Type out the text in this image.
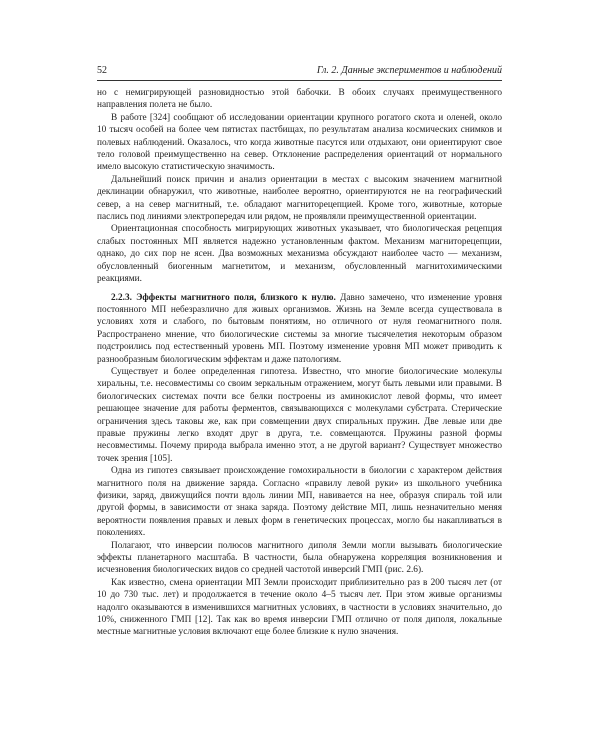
52	Гл. 2. Данные экспериментов и наблюдений

но с немигрирующей разновидностью этой бабочки. В обоих случаях преимущественного направления полета не было.

В работе [324] сообщают об исследовании ориентации крупного рогатого скота и оленей, около 10 тысяч особей на более чем пятистах пастбищах, по результатам анализа космических снимков и полевых наблюдений. Оказалось, что когда животные пасутся или отдыхают, они ориентируют свое тело головой преимущественно на север. Отклонение распределения ориентаций от нормального имело высокую статистическую значимость.

Дальнейший поиск причин и анализ ориентации в местах с высоким значением магнитной деклинации обнаружил, что животные, наиболее вероятно, ориентируются не на географический север, а на север магнитный, т.е. обладают магниторецепцией. Кроме того, животные, которые паслись под линиями электропередач или рядом, не проявляли преимущественной ориентации.

Ориентационная способность мигрирующих животных указывает, что биологическая рецепция слабых постоянных МП является надежно установленным фактом. Механизм магниторецепции, однако, до сих пор не ясен. Два возможных механизма обсуждают наиболее часто — механизм, обусловленный биогенным магнетитом, и механизм, обусловленный магнитохимическими реакциями.

2.2.3. Эффекты магнитного поля, близкого к нулю. Давно замечено, что изменение уровня постоянного МП небезразлично для живых организмов. Жизнь на Земле всегда существовала в условиях хотя и слабого, по бытовым понятиям, но отличного от нуля геомагнитного поля. Распространено мнение, что биологические системы за многие тысячелетия некоторым образом подстроились под естественный уровень МП. Поэтому изменение уровня МП может приводить к разнообразным биологическим эффектам и даже патологиям.

Существует и более определенная гипотеза. Известно, что многие биологические молекулы хиральны, т.е. несовместимы со своим зеркальным отражением, могут быть левыми или правыми. В биологических системах почти все белки построены из аминокислот левой формы, что имеет решающее значение для работы ферментов, связывающихся с молекулами субстрата. Стерические ограничения здесь таковы же, как при совмещении двух спиральных пружин. Две левые или две правые пружины легко входят друг в друга, т.е. совмещаются. Пружины разной формы несовместимы. Почему природа выбрала именно этот, а не другой вариант? Существует множество точек зрения [105].

Одна из гипотез связывает происхождение гомохиральности в биологии с характером действия магнитного поля на движение заряда. Согласно «правилу левой руки» из школьного учебника физики, заряд, движущийся почти вдоль линии МП, навивается на нее, образуя спираль той или другой формы, в зависимости от знака заряда. Поэтому действие МП, лишь незначительно меняя вероятности появления правых и левых форм в генетических процессах, могло бы накапливаться в поколениях.

Полагают, что инверсии полюсов магнитного диполя Земли могли вызывать биологические эффекты планетарного масштаба. В частности, была обнаружена корреляция возникновения и исчезновения биологических видов со средней частотой инверсий ГМП (рис. 2.6).

Как известно, смена ориентации МП Земли происходит приблизительно раз в 200 тысяч лет (от 10 до 730 тыс. лет) и продолжается в течение около 4–5 тысяч лет. При этом живые организмы надолго оказываются в изменившихся магнитных условиях, в частности в условиях значительно, до 10%, сниженного ГМП [12]. Так как во время инверсии ГМП отлично от поля диполя, локальные местные магнитные условия включают еще более близкие к нулю значения.
